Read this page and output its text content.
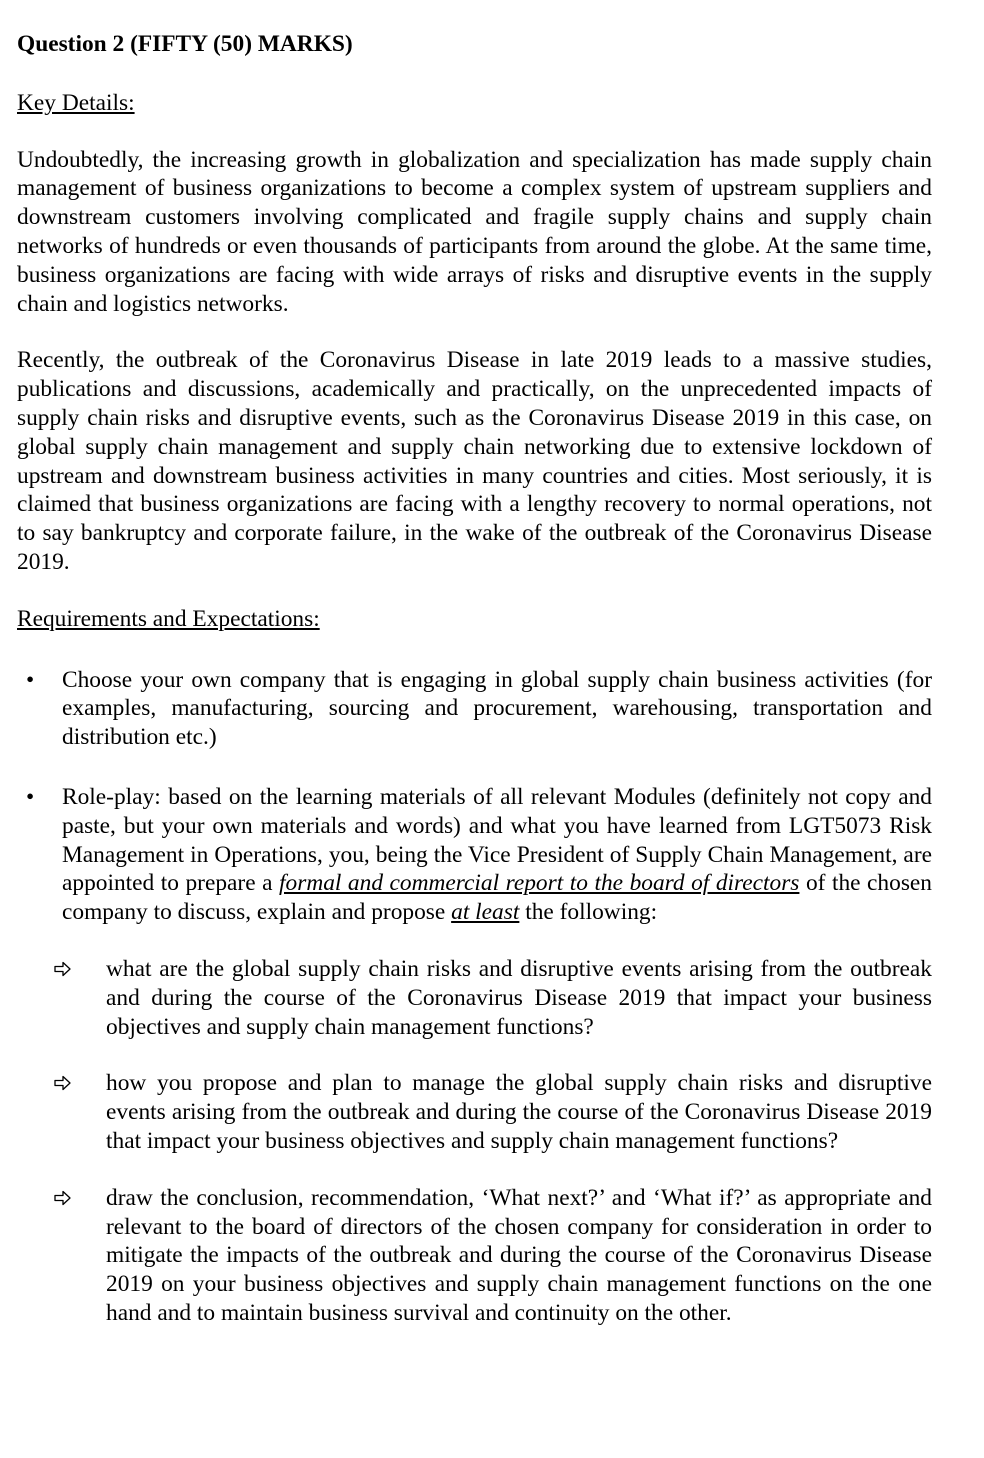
Question 2 (FIFTY (50) MARKS)

Key Details:

Undoubtedly, the increasing growth in globalization and specialization has made supply chain management of business organizations to become a complex system of upstream suppliers and downstream customers involving complicated and fragile supply chains and supply chain networks of hundreds or even thousands of participants from around the globe. At the same time, business organizations are facing with wide arrays of risks and disruptive events in the supply chain and logistics networks.

Recently, the outbreak of the Coronavirus Disease in late 2019 leads to a massive studies, publications and discussions, academically and practically, on the unprecedented impacts of supply chain risks and disruptive events, such as the Coronavirus Disease 2019 in this case, on global supply chain management and supply chain networking due to extensive lockdown of upstream and downstream business activities in many countries and cities. Most seriously, it is claimed that business organizations are facing with a lengthy recovery to normal operations, not to say bankruptcy and corporate failure, in the wake of the outbreak of the Coronavirus Disease 2019.

Requirements and Expectations:

• Choose your own company that is engaging in global supply chain business activities (for examples, manufacturing, sourcing and procurement, warehousing, transportation and distribution etc.)
• Role-play: based on the learning materials of all relevant Modules (definitely not copy and paste, but your own materials and words) and what you have learned from LGT5073 Risk Management in Operations, you, being the Vice President of Supply Chain Management, are appointed to prepare a formal and commercial report to the board of directors of the chosen company to discuss, explain and propose at least the following:
what are the global supply chain risks and disruptive events arising from the outbreak and during the course of the Coronavirus Disease 2019 that impact your business objectives and supply chain management functions?
how you propose and plan to manage the global supply chain risks and disruptive events arising from the outbreak and during the course of the Coronavirus Disease 2019 that impact your business objectives and supply chain management functions?
draw the conclusion, recommendation, ‘What next?’ and ‘What if?’ as appropriate and relevant to the board of directors of the chosen company for consideration in order to mitigate the impacts of the outbreak and during the course of the Coronavirus Disease 2019 on your business objectives and supply chain management functions on the one hand and to maintain business survival and continuity on the other.
